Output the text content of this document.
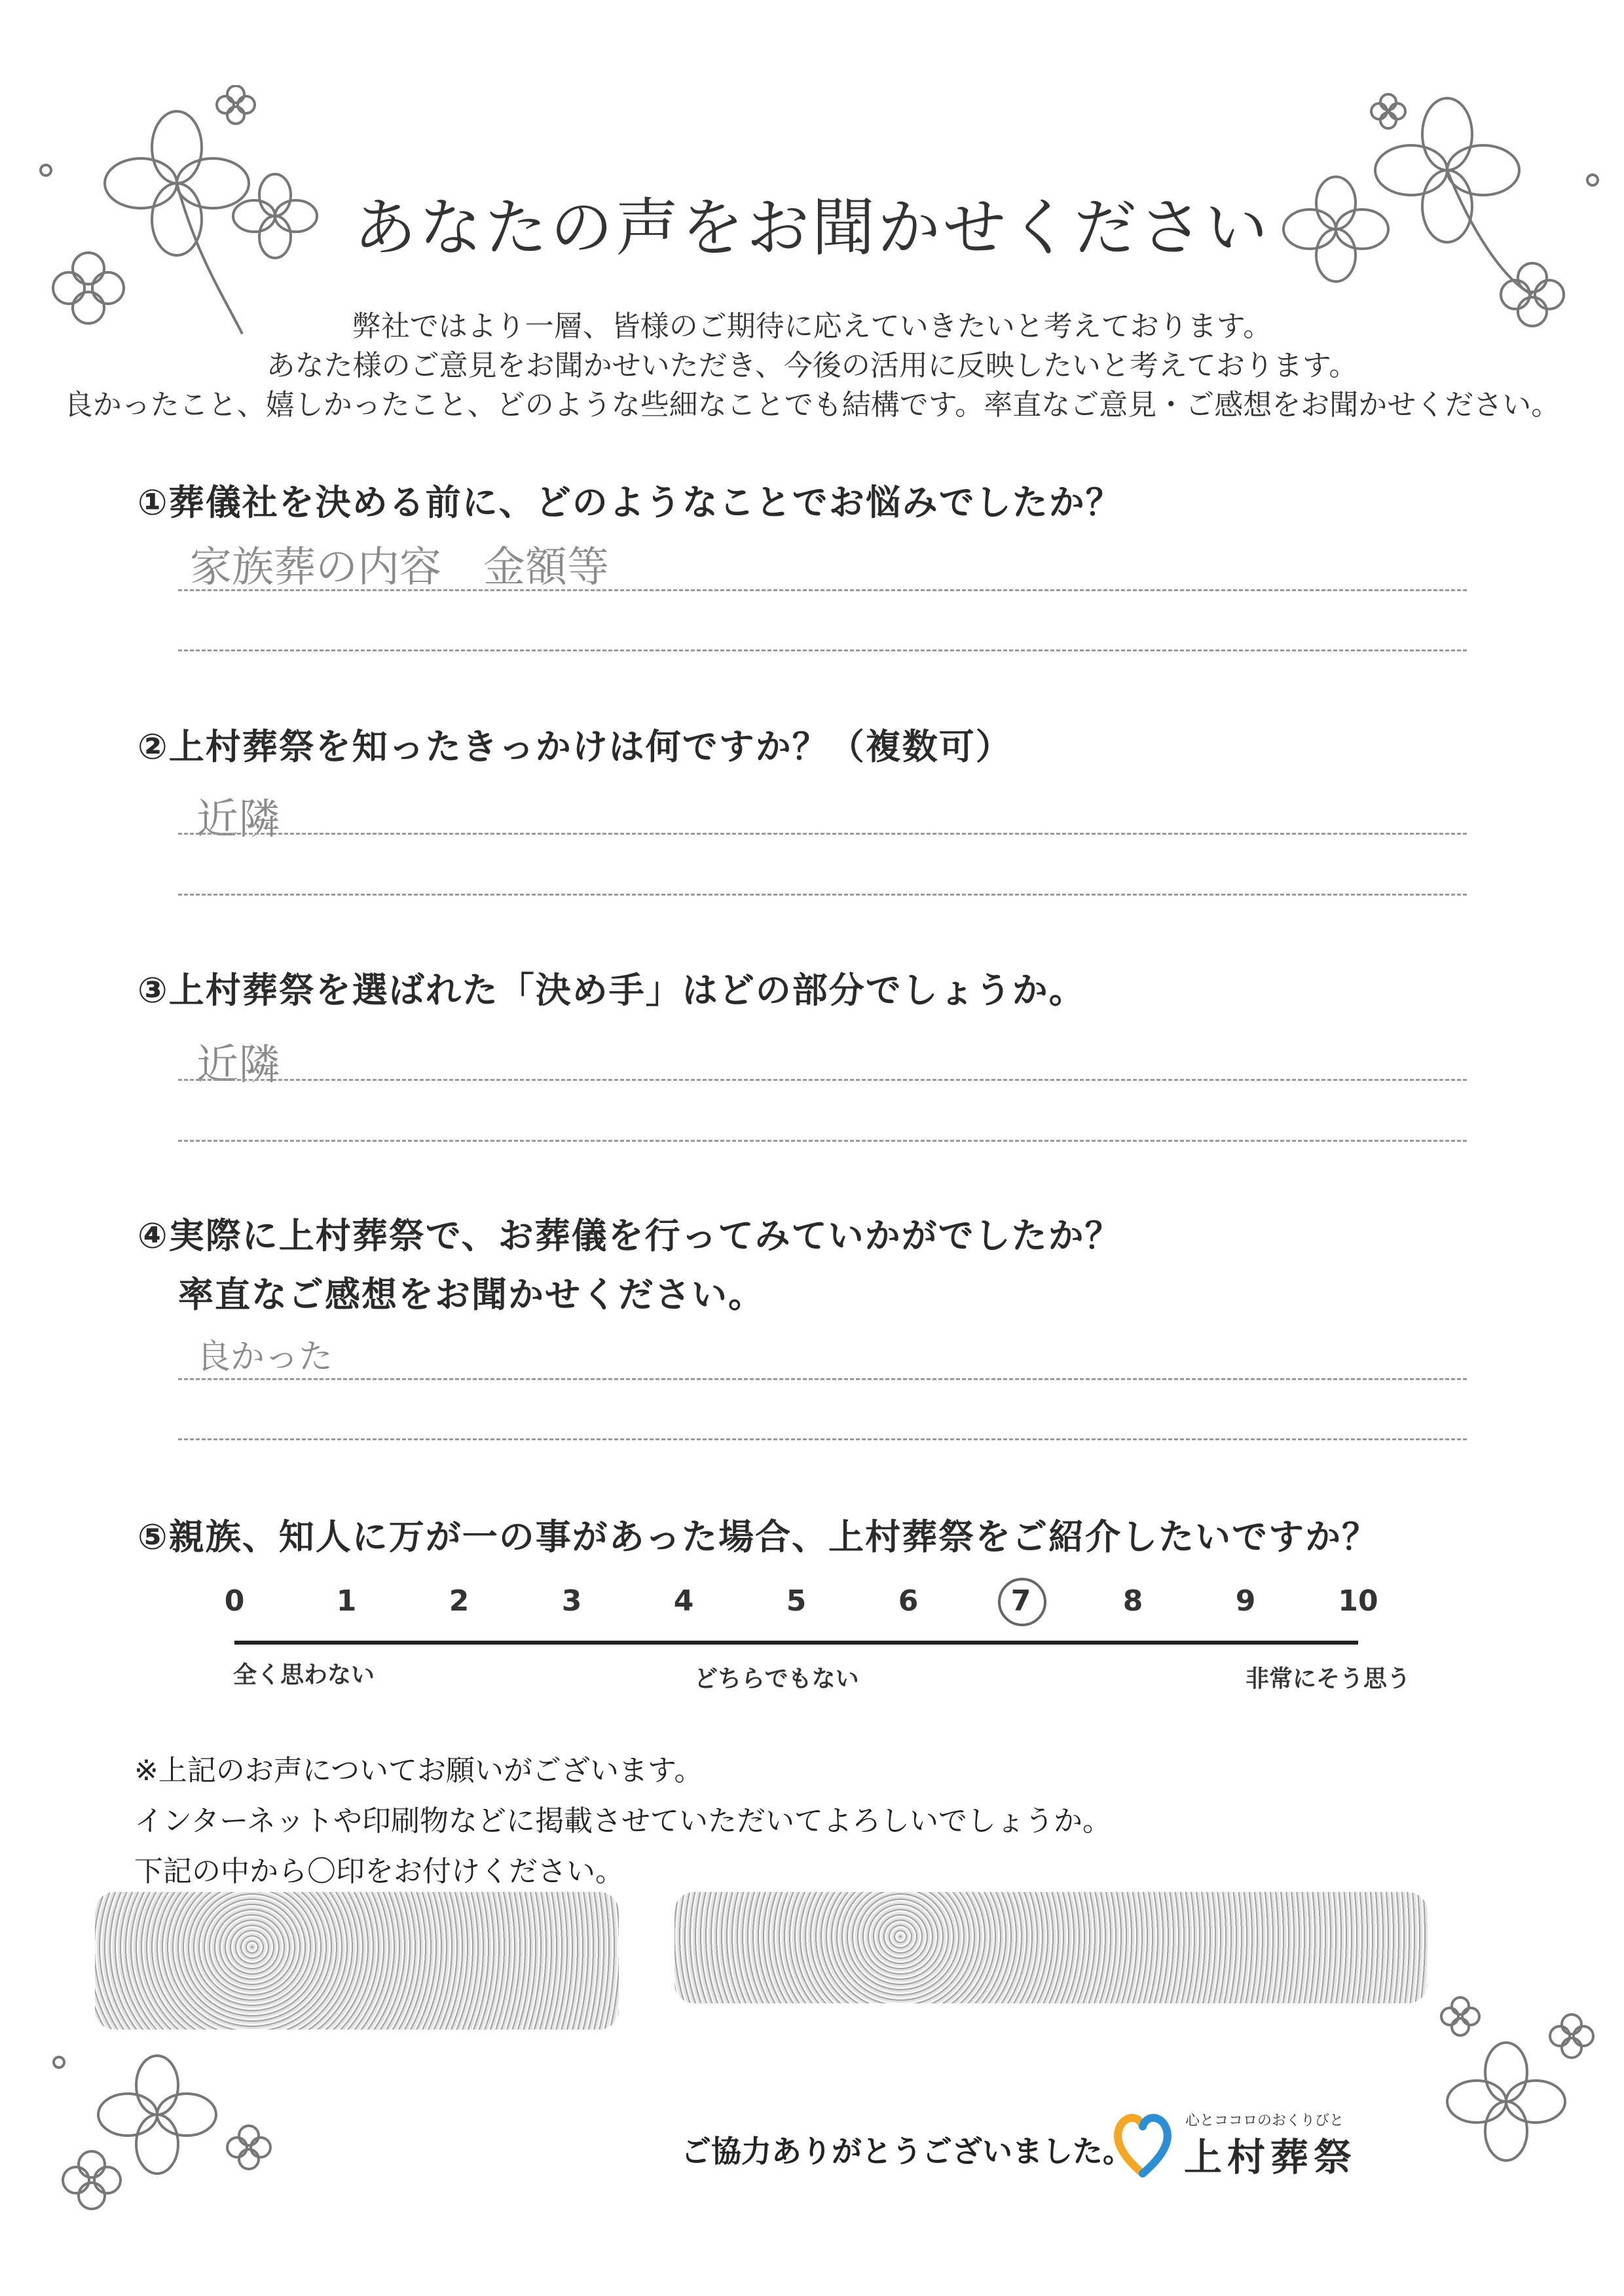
あなたの声をお聞かせください
弊社ではより一層、皆様のご期待に応えていきたいと考えております。
あなた様のご意見をお聞かせいただき、今後の活用に反映したいと考えております。
良かったこと、嬉しかったこと、どのような些細なことでも結構です。率直なご意見・ご感想をお聞かせください。
①葬儀社を決める前に、どのようなことでお悩みでしたか？
家族葬の内容　金額等
②上村葬祭を知ったきっかけは何ですか？（複数可）
近隣
③上村葬祭を選ばれた「決め手」はどの部分でしょうか。
近隣
④実際に上村葬祭で、お葬儀を行ってみていかがでしたか？
率直なご感想をお聞かせください。
良かった
⑤親族、知人に万が一の事があった場合、上村葬祭をご紹介したいですか？
0	1	2	3	4	5	6	7	8	9	10
全く思わない	どちらでもない	非常にそう思う
※上記のお声についてお願いがございます。
インターネットや印刷物などに掲載させていただいてよろしいでしょうか。
下記の中から〇印をお付けください。
ご協力ありがとうございました。
心とココロのおくりびと
上村葬祭
